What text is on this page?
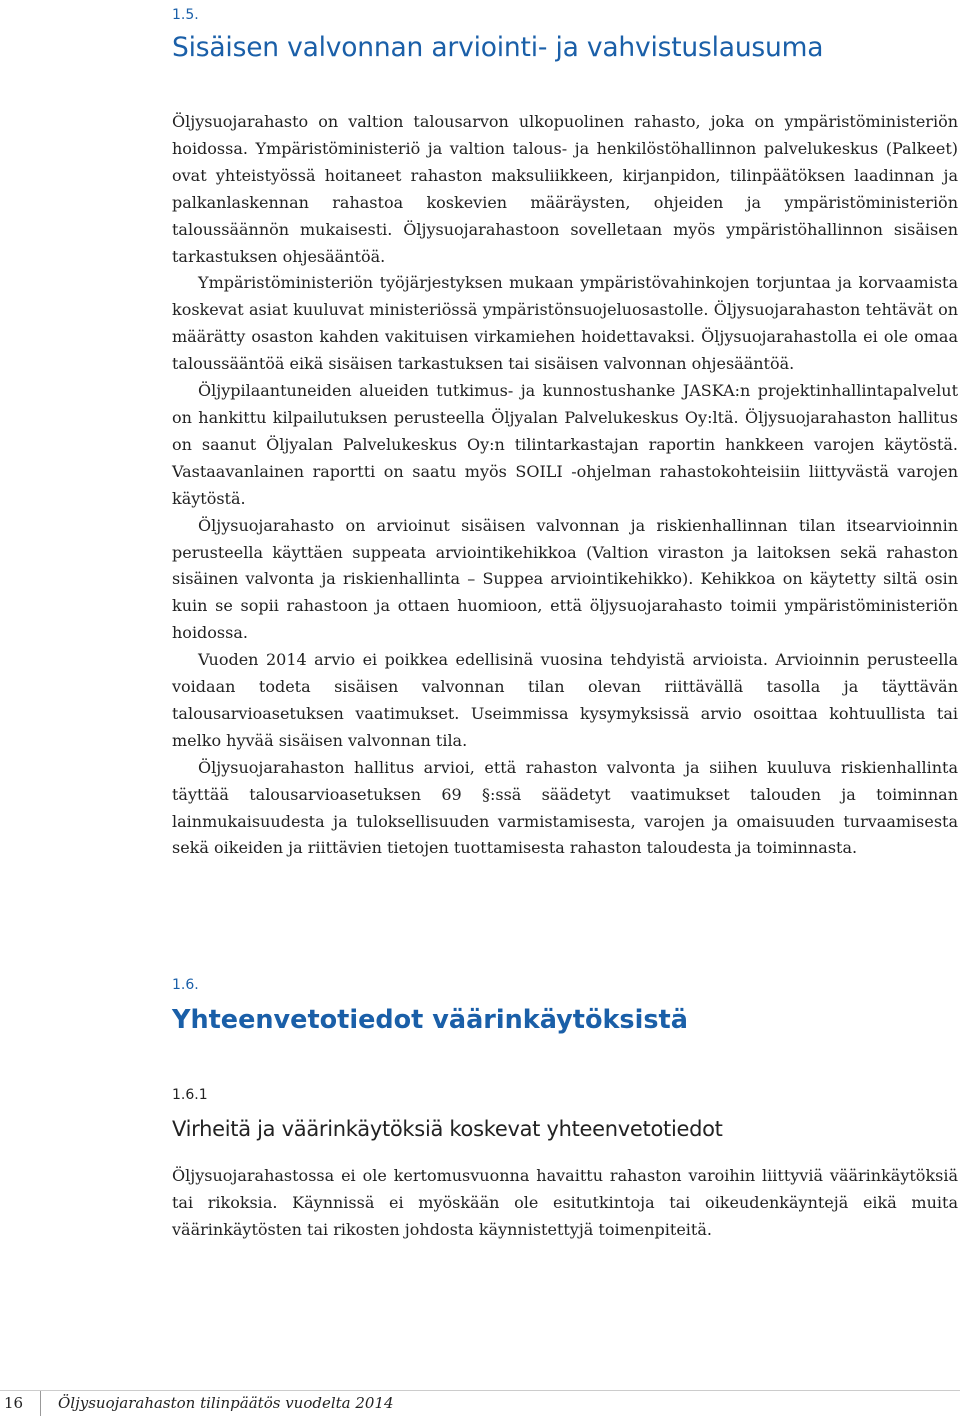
1.5.

Sisäisen valvonnan arviointi- ja vahvistuslausuma

Öljysuojarahasto on valtion talousarvon ulkopuolinen rahasto, joka on ympäristöministeriön hoidossa. Ympäristöministeriö ja valtion talous- ja henkilöstöhallinnon palvelukeskus (Palkeet) ovat yhteistyössä hoitaneet rahaston maksuliikkeen, kirjanpidon, tilinpäätöksen laadinnan ja palkanlaskennan rahastoa koskevien määräysten, ohjeiden ja ympäristöministeriön taloussäännön mukaisesti. Öljysuojarahastoon sovelletaan myös ympäristöhallinnon sisäisen tarkastuksen ohjesääntöä.

Ympäristöministeriön työjärjestyksen mukaan ympäristövahinkojen torjuntaa ja korvaamista koskevat asiat kuuluvat ministeriössä ympäristönsuojeluosastolle. Öljysuojarahaston tehtävät on määrätty osaston kahden vakituisen virkamiehen hoidettavaksi. Öljysuojarahastolla ei ole omaa taloussääntöä eikä sisäisen tarkastuksen tai sisäisen valvonnan ohjesääntöä.

Öljypilaantuneiden alueiden tutkimus- ja kunnostushanke JASKA:n projektinhallintapalvelut on hankittu kilpailutuksen perusteella Öljyalan Palvelukeskus Oy:ltä. Öljysuojarahaston hallitus on saanut Öljyalan Palvelukeskus Oy:n tilintarkastajan raportin hankkeen varojen käytöstä. Vastaavanlainen raportti on saatu myös SOILI -ohjelman rahastokohteisiin liittyvästä varojen käytöstä.

Öljysuojarahasto on arvioinut sisäisen valvonnan ja riskienhallinnan tilan itsearvioinnin perusteella käyttäen suppeata arviointikehikkoa (Valtion viraston ja laitoksen sekä rahaston sisäinen valvonta ja riskienhallinta – Suppea arviointikehikko). Kehikkoa on käytetty siltä osin kuin se sopii rahastoon ja ottaen huomioon, että öljysuojarahasto toimii ympäristöministeriön hoidossa.

Vuoden 2014 arvio ei poikkea edellisinä vuosina tehdyistä arvioista. Arvioinnin perusteella voidaan todeta sisäisen valvonnan tilan olevan riittävällä tasolla ja täyttävän talousarvioasetuksen vaatimukset. Useimmissa kysymyksissä arvio osoittaa kohtuullista tai melko hyvää sisäisen valvonnan tila.

Öljysuojarahaston hallitus arvioi, että rahaston valvonta ja siihen kuuluva riskienhallinta täyttää talousarvioasetuksen 69 §:ssä säädetyt vaatimukset talouden ja toiminnan lainmukaisuudesta ja tuloksellisuuden varmistamisesta, varojen ja omaisuuden turvaamisesta sekä oikeiden ja riittävien tietojen tuottamisesta rahaston taloudesta ja toiminnasta.

1.6.

Yhteenvetotiedot väärinkäytöksistä

1.6.1

Virheitä ja väärinkäytöksiä koskevat yhteenvetotiedot

Öljysuojarahastossa ei ole kertomusvuonna havaittu rahaston varoihin liittyviä väärinkäytöksiä tai rikoksia. Käynnissä ei myöskään ole esitutkintoja tai oikeudenkäyntejä eikä muita väärinkäytösten tai rikosten johdosta käynnistettyjä toimenpiteitä.

16 Öljysuojarahaston tilinpäätös vuodelta 2014
